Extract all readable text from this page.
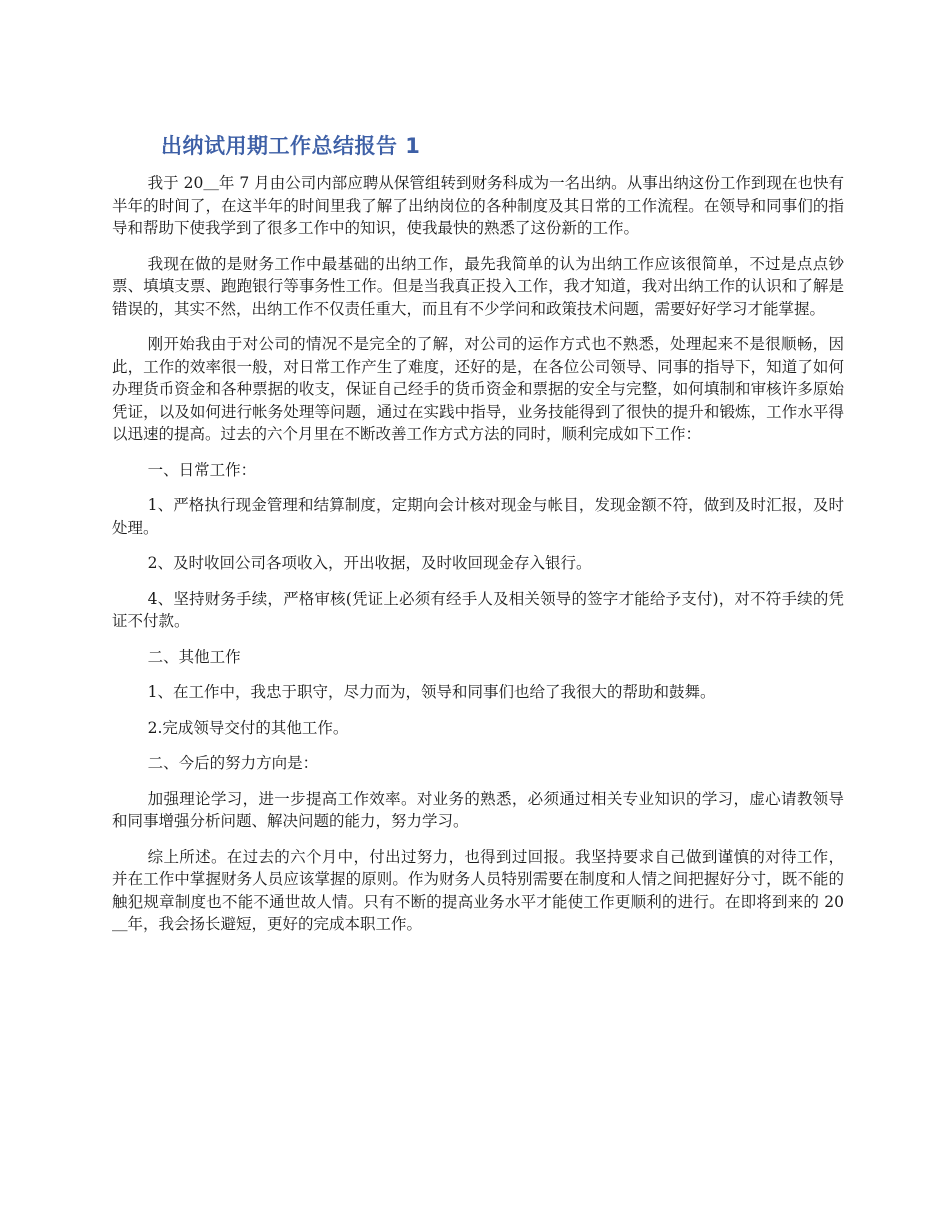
出纳试用期工作总结报告 1

我于 20＿年 7 月由公司内部应聘从保管组转到财务科成为一名出纳。从事出纳这份工作到现在也快有半年的时间了，在这半年的时间里我了解了出纳岗位的各种制度及其日常的工作流程。在领导和同事们的指导和帮助下使我学到了很多工作中的知识，使我最快的熟悉了这份新的工作。

我现在做的是财务工作中最基础的出纳工作，最先我简单的认为出纳工作应该很简单，不过是点点钞票、填填支票、跑跑银行等事务性工作。但是当我真正投入工作，我才知道，我对出纳工作的认识和了解是错误的，其实不然，出纳工作不仅责任重大，而且有不少学问和政策技术问题，需要好好学习才能掌握。

刚开始我由于对公司的情况不是完全的了解，对公司的运作方式也不熟悉，处理起来不是很顺畅，因此，工作的效率很一般，对日常工作产生了难度，还好的是，在各位公司领导、同事的指导下，知道了如何办理货币资金和各种票据的收支，保证自己经手的货币资金和票据的安全与完整，如何填制和审核许多原始凭证，以及如何进行帐务处理等问题，通过在实践中指导，业务技能得到了很快的提升和锻炼，工作水平得以迅速的提高。过去的六个月里在不断改善工作方式方法的同时，顺利完成如下工作：

一、日常工作：

1、严格执行现金管理和结算制度，定期向会计核对现金与帐目，发现金额不符，做到及时汇报，及时处理。

2、及时收回公司各项收入，开出收据，及时收回现金存入银行。

4、坚持财务手续，严格审核(凭证上必须有经手人及相关领导的签字才能给予支付)，对不符手续的凭证不付款。

二、其他工作

1、在工作中，我忠于职守，尽力而为，领导和同事们也给了我很大的帮助和鼓舞。

2.完成领导交付的其他工作。

二、今后的努力方向是：

加强理论学习，进一步提高工作效率。对业务的熟悉，必须通过相关专业知识的学习，虚心请教领导和同事增强分析问题、解决问题的能力，努力学习。

综上所述。在过去的六个月中，付出过努力，也得到过回报。我坚持要求自己做到谨慎的对待工作，并在工作中掌握财务人员应该掌握的原则。作为财务人员特别需要在制度和人情之间把握好分寸，既不能的触犯规章制度也不能不通世故人情。只有不断的提高业务水平才能使工作更顺利的进行。在即将到来的 20＿年，我会扬长避短，更好的完成本职工作。
